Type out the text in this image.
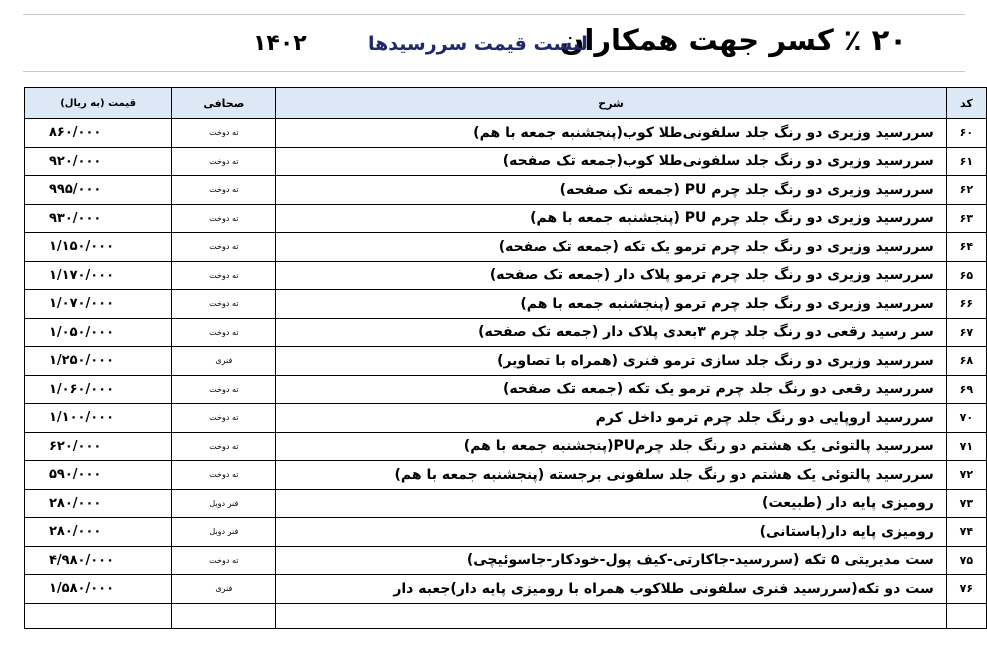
۲۰ ٪ کسر جهت همکاران
لیست قیمت سررسیدها
۱۴۰۲
کد	شرح	صحافی	قیمت (به ریال)
۶۰	سررسید وزیری دو رنگ جلد سلفونی‌طلا کوب(پنجشنبه جمعه با هم)	ته دوخت	۸۶۰/۰۰۰
۶۱	سررسید وزیری دو رنگ جلد سلفونی‌طلا کوب(جمعه تک صفحه)	ته دوخت	۹۲۰/۰۰۰
۶۲	سررسید وزیری دو رنگ جلد چرم PU (جمعه تک صفحه)	ته دوخت	۹۹۵/۰۰۰
۶۳	سررسید وزیری دو رنگ جلد چرم PU (پنجشنبه جمعه با هم)	ته دوخت	۹۳۰/۰۰۰
۶۴	سررسید وزیری دو رنگ جلد چرم ترمو یک تکه (جمعه تک صفحه)	ته دوخت	۱/۱۵۰/۰۰۰
۶۵	سررسید وزیری دو رنگ جلد چرم ترمو پلاک دار (جمعه تک صفحه)	ته دوخت	۱/۱۷۰/۰۰۰
۶۶	سررسید وزیری دو رنگ جلد چرم ترمو (پنجشنبه جمعه با هم)	ته دوخت	۱/۰۷۰/۰۰۰
۶۷	سر رسید رقعی دو رنگ جلد چرم ۳بعدی پلاک دار (جمعه تک صفحه)	ته دوخت	۱/۰۵۰/۰۰۰
۶۸	سررسید وزیری دو رنگ جلد سازی ترمو فنری (همراه با تصاویر)	فنری	۱/۲۵۰/۰۰۰
۶۹	سررسید رقعی دو رنگ جلد چرم ترمو یک تکه (جمعه تک صفحه)	ته دوخت	۱/۰۶۰/۰۰۰
۷۰	سررسید اروپایی دو رنگ جلد چرم ترمو داخل کرم	ته دوخت	۱/۱۰۰/۰۰۰
۷۱	سررسید پالتوئی یک هشتم دو رنگ جلد چرمPU(پنجشنبه جمعه با هم)	ته دوخت	۶۲۰/۰۰۰
۷۲	سررسید پالتوئی یک هشتم دو رنگ جلد سلفونی برجسته (پنجشنبه جمعه با هم)	ته دوخت	۵۹۰/۰۰۰
۷۳	رومیزی پایه دار (طبیعت)	فنر دوبل	۲۸۰/۰۰۰
۷۴	رومیزی پایه دار(باستانی)	فنر دوبل	۲۸۰/۰۰۰
۷۵	ست مدیریتی ۵ تکه (سررسید-جاکارتی-کیف پول-خودکار-جاسوئیچی)	ته دوخت	۴/۹۸۰/۰۰۰
۷۶	ست دو تکه(سررسید فنری سلفونی طلاکوب همراه با رومیزی پایه دار)جعبه دار	فنری	۱/۵۸۰/۰۰۰
